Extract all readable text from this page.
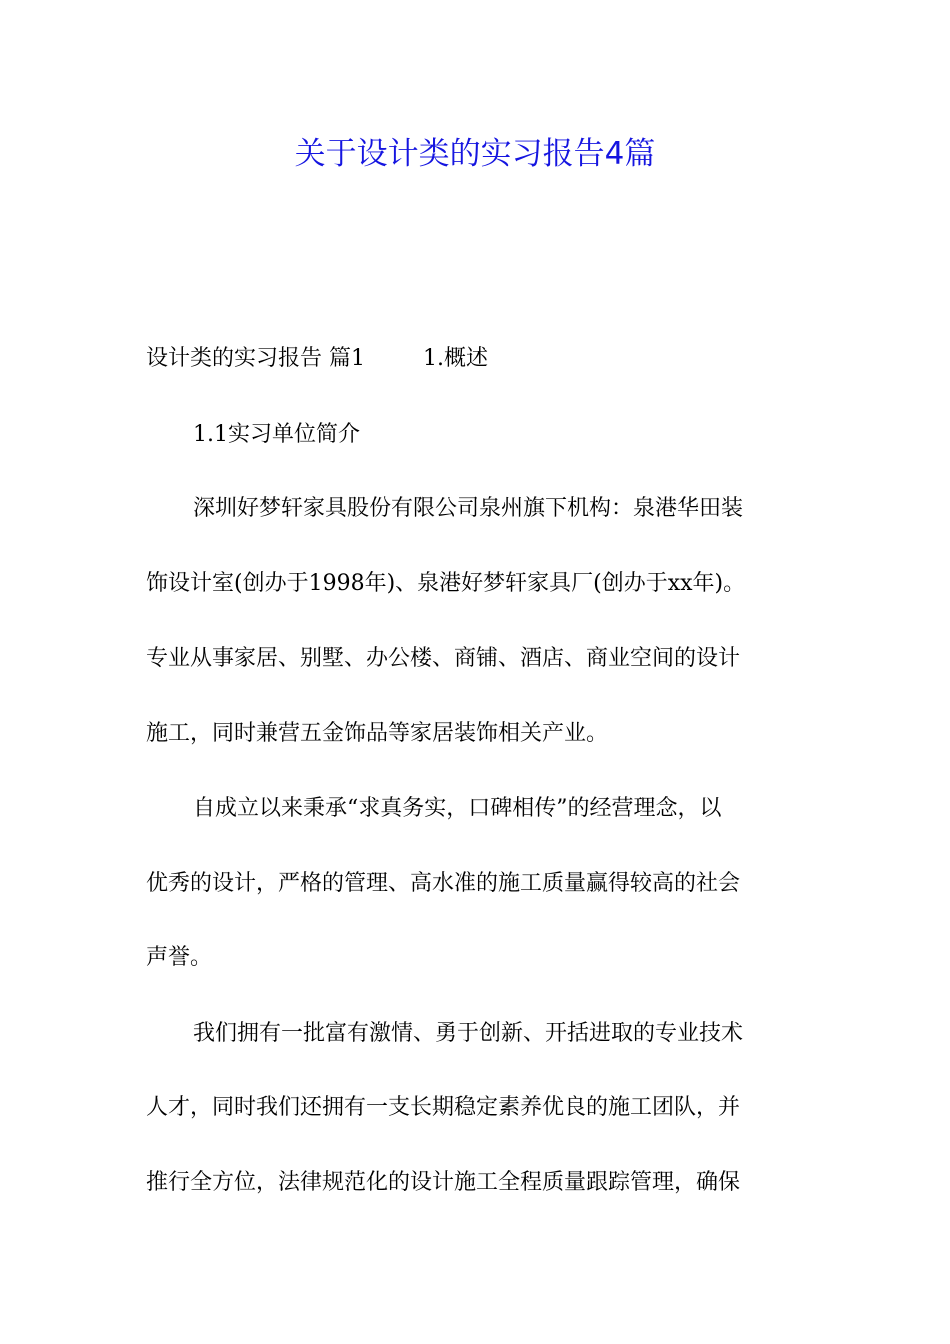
关于设计类的实习报告4篇

设计类的实习报告 篇1	1.概述

1.1实习单位简介

深圳好梦轩家具股份有限公司泉州旗下机构：泉港华田装

饰设计室(创办于1998年)、泉港好梦轩家具厂(创办于xx年)。

专业从事家居、别墅、办公楼、商铺、酒店、商业空间的设计

施工，同时兼营五金饰品等家居装饰相关产业。

自成立以来秉承“求真务实，口碑相传”的经营理念，以

优秀的设计，严格的管理、高水准的施工质量赢得较高的社会

声誉。

我们拥有一批富有激情、勇于创新、开括进取的专业技术

人才，同时我们还拥有一支长期稳定素养优良的施工团队，并

推行全方位，法律规范化的设计施工全程质量跟踪管理，确保
